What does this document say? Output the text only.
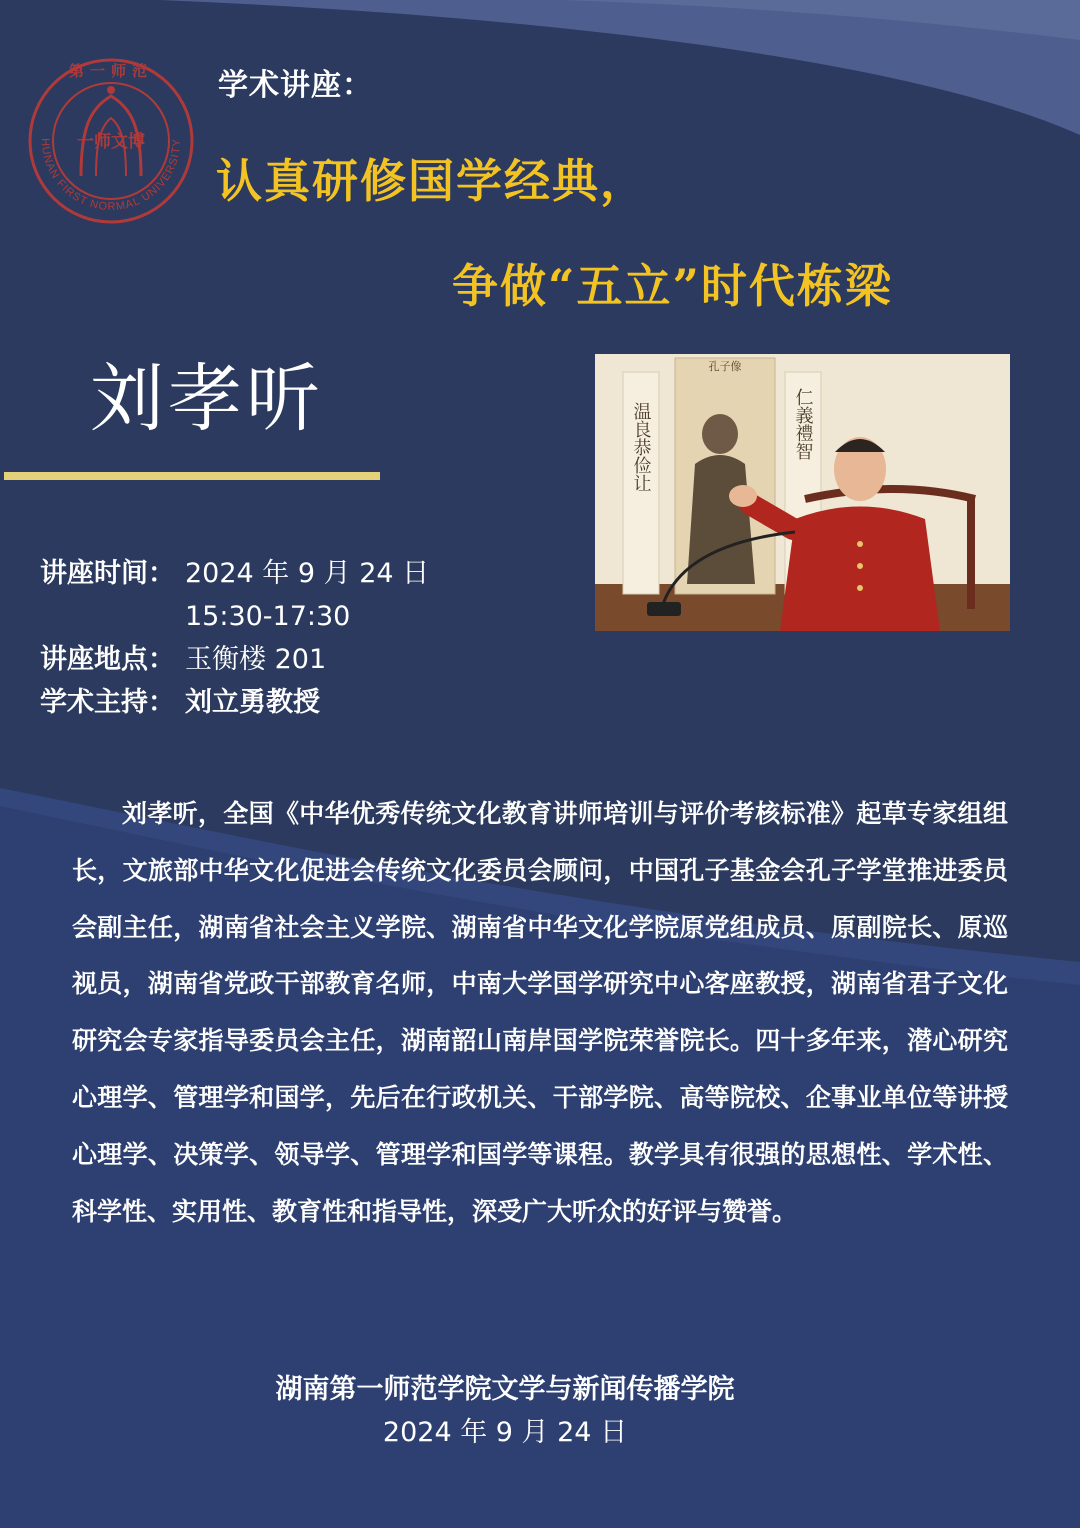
第一师范
一师文博
HUNAN FIRST NORMAL UNIVERSITY
学术讲座：
认真研修国学经典，
争做“五立”时代栋梁
刘孝听
温良恭俭让
孔子像
仁義禮智
讲座时间： 2024 年 9 月 24 日
15:30-17:30
讲座地点： 玉衡楼 201
学术主持： 刘立勇教授

刘孝听，全国《中华优秀传统文化教育讲师培训与评价考核标准》起草专家组组长，文旅部中华文化促进会传统文化委员会顾问，中国孔子基金会孔子学堂推进委员会副主任，湖南省社会主义学院、湖南省中华文化学院原党组成员、原副院长、原巡视员，湖南省党政干部教育名师，中南大学国学研究中心客座教授，湖南省君子文化研究会专家指导委员会主任，湖南韶山南岸国学院荣誉院长。四十多年来，潜心研究心理学、管理学和国学，先后在行政机关、干部学院、高等院校、企事业单位等讲授心理学、决策学、领导学、管理学和国学等课程。教学具有很强的思想性、学术性、科学性、实用性、教育性和指导性，深受广大听众的好评与赞誉。

湖南第一师范学院文学与新闻传播学院
2024 年 9 月 24 日
